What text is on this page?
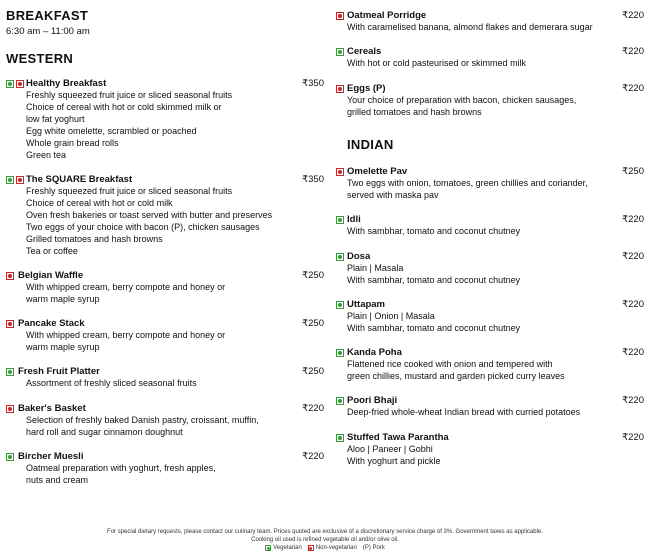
BREAKFAST
6:30 am – 11:00 am
WESTERN
Healthy Breakfast	₹350
Freshly squeezed fruit juice or sliced seasonal fruits
Choice of cereal with hot or cold skimmed milk or
low fat yoghurt
Egg white omelette, scrambled or poached
Whole grain bread rolls
Green tea
The SQUARE Breakfast	₹350
Freshly squeezed fruit juice or sliced seasonal fruits
Choice of cereal with hot or cold milk
Oven fresh bakeries or toast served with butter and preserves
Two eggs of your choice with bacon (P), chicken sausages
Grilled tomatoes and hash browns
Tea or coffee
Belgian Waffle	₹250
With whipped cream, berry compote and honey or
warm maple syrup
Pancake Stack	₹250
With whipped cream, berry compote and honey or
warm maple syrup
Fresh Fruit Platter	₹250
Assortment of freshly sliced seasonal fruits
Baker's Basket	₹220
Selection of freshly baked Danish pastry, croissant, muffin,
hard roll and sugar cinnamon doughnut
Bircher Muesli	₹220
Oatmeal preparation with yoghurt, fresh apples,
nuts and cream
Oatmeal Porridge	₹220
With caramelised banana, almond flakes and demerara sugar
Cereals	₹220
With hot or cold pasteurised or skimmed milk
Eggs (P)	₹220
Your choice of preparation with bacon, chicken sausages,
grilled tomatoes and hash browns
INDIAN
Omelette Pav	₹250
Two eggs with onion, tomatoes, green chillies and coriander,
served with maska pav
Idli	₹220
With sambhar, tomato and coconut chutney
Dosa	₹220
Plain | Masala
With sambhar, tomato and coconut chutney
Uttapam	₹220
Plain | Onion | Masala
With sambhar, tomato and coconut chutney
Kanda Poha	₹220
Flattened rice cooked with onion and tempered with
green chillies, mustard and garden picked curry leaves
Poori Bhaji	₹220
Deep-fried whole-wheat Indian bread with curried potatoes
Stuffed Tawa Parantha	₹220
Aloo | Paneer | Gobhi
With yoghurt and pickle
For special dietary requests, please contact our culinary team. Prices quoted are exclusive of a discretionary service charge of 3%. Government taxes as applicable.
Cooking oil used is refined vegetable oil and/or olive oil.
Vegetarian Non-vegetarian (P) Pork
